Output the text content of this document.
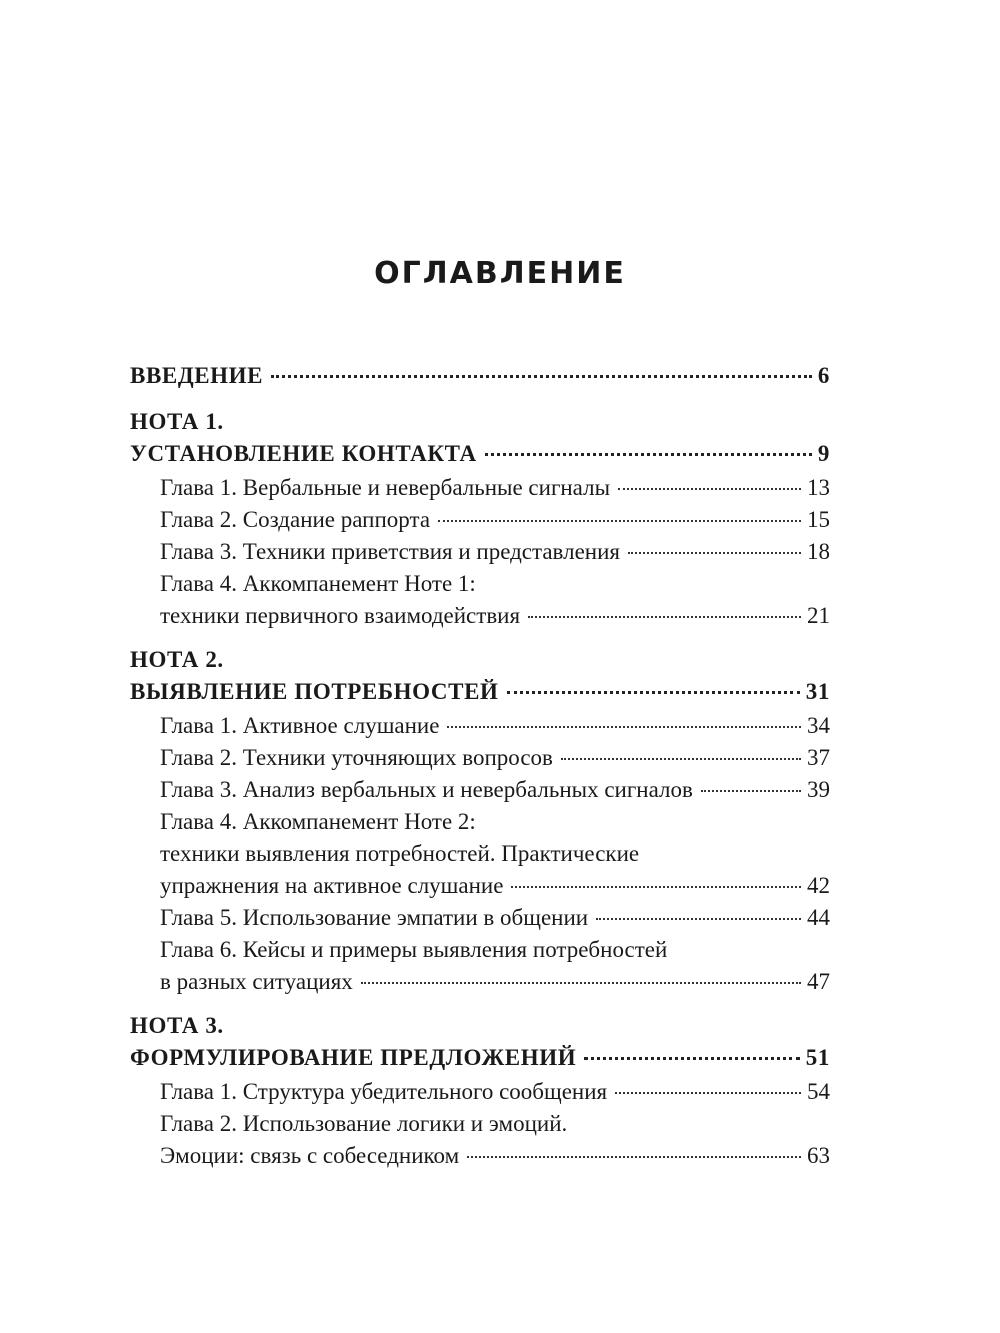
ОГЛАВЛЕНИЕ
ВВЕДЕНИЕ	6
НОТА 1.
УСТАНОВЛЕНИЕ КОНТАКТА	9
Глава 1. Вербальные и невербальные сигналы	13
Глава 2. Создание раппорта	15
Глава 3. Техники приветствия и представления	18
Глава 4. Аккомпанемент Ноте 1:
техники первичного взаимодействия	21
НОТА 2.
ВЫЯВЛЕНИЕ ПОТРЕБНОСТЕЙ	31
Глава 1. Активное слушание	34
Глава 2. Техники уточняющих вопросов	37
Глава 3. Анализ вербальных и невербальных сигналов	39
Глава 4. Аккомпанемент Ноте 2:
техники выявления потребностей. Практические
упражнения на активное слушание	42
Глава 5. Использование эмпатии в общении	44
Глава 6. Кейсы и примеры выявления потребностей
в разных ситуациях	47
НОТА 3.
ФОРМУЛИРОВАНИЕ ПРЕДЛОЖЕНИЙ	51
Глава 1. Структура убедительного сообщения	54
Глава 2. Использование логики и эмоций.
Эмоции: связь с собеседником	63
